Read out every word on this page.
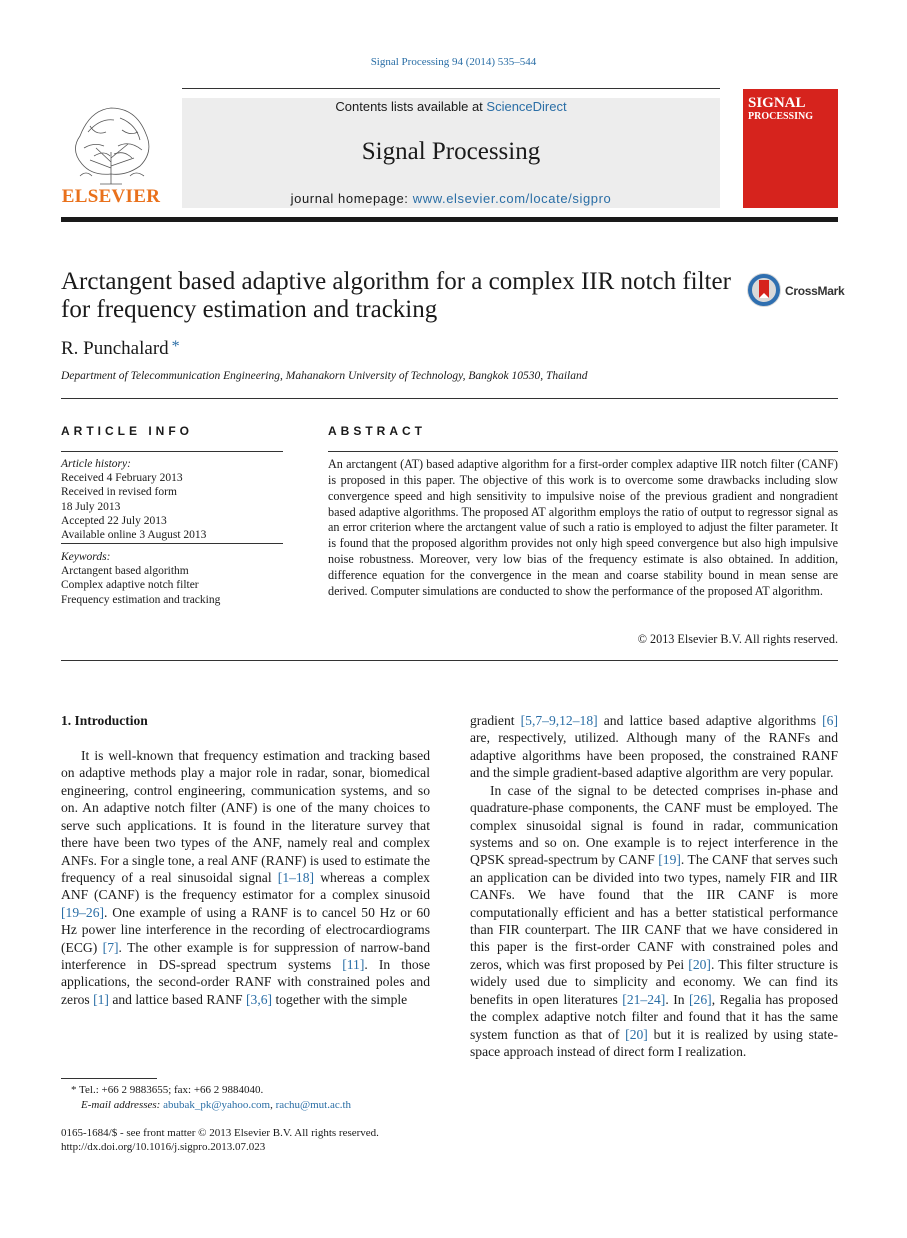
Signal Processing 94 (2014) 535–544
Contents lists available at ScienceDirect
Signal Processing
journal homepage: www.elsevier.com/locate/sigpro
ELSEVIER
SIGNAL
PROCESSING
Arctangent based adaptive algorithm for a complex IIR notch filter for frequency estimation and tracking
CrossMark
R. Punchalard *
Department of Telecommunication Engineering, Mahanakorn University of Technology, Bangkok 10530, Thailand
ARTICLE INFO
Article history:
Received 4 February 2013
Received in revised form
18 July 2013
Accepted 22 July 2013
Available online 3 August 2013
Keywords:
Arctangent based algorithm
Complex adaptive notch filter
Frequency estimation and tracking
ABSTRACT
An arctangent (AT) based adaptive algorithm for a first-order complex adaptive IIR notch filter (CANF) is proposed in this paper. The objective of this work is to overcome some drawbacks including slow convergence speed and high sensitivity to impulsive noise of the previous gradient and nongradient based adaptive algorithms. The proposed AT algorithm employs the ratio of output to regressor signal as an error criterion where the arctangent value of such a ratio is employed to adjust the filter parameter. It is found that the proposed algorithm provides not only high speed convergence but also high impulsive noise robustness. Moreover, very low bias of the frequency estimate is also obtained. In addition, difference equation for the convergence in the mean and coarse stability bound in mean sense are derived. Computer simulations are conducted to show the performance of the proposed AT algorithm.
© 2013 Elsevier B.V. All rights reserved.
1. Introduction

It is well-known that frequency estimation and tracking based on adaptive methods play a major role in radar, sonar, biomedical engineering, control engineering, communication systems, and so on. An adaptive notch filter (ANF) is one of the many choices to serve such applications. It is found in the literature survey that there have been two types of the ANF, namely real and complex ANFs. For a single tone, a real ANF (RANF) is used to estimate the frequency of a real sinusoidal signal [1–18] whereas a complex ANF (CANF) is the frequency estimator for a complex sinusoid [19–26]. One example of using a RANF is to cancel 50 Hz or 60 Hz power line interference in the recording of electrocardiograms (ECG) [7]. The other example is for suppression of narrow-band interference in DS-spread spectrum systems [11]. In those applications, the second-order RANF with constrained poles and zeros [1] and lattice based RANF [3,6] together with the simple

gradient [5,7–9,12–18] and lattice based adaptive algorithms [6] are, respectively, utilized. Although many of the RANFs and adaptive algorithms have been proposed, the constrained RANF and the simple gradient-based adaptive algorithm are very popular.

In case of the signal to be detected comprises in-phase and quadrature-phase components, the CANF must be employed. The complex sinusoidal signal is found in radar, communication systems and so on. One example is to reject interference in the QPSK spread-spectrum by CANF [19]. The CANF that serves such an application can be divided into two types, namely FIR and IIR CANFs. We have found that the IIR CANF is more computationally efficient and has a better statistical performance than FIR counterpart. The IIR CANF that we have considered in this paper is the first-order CANF with constrained poles and zeros, which was first proposed by Pei [20]. This filter structure is widely used due to simplicity and economy. We can find its benefits in open literatures [21–24]. In [26], Regalia has proposed the complex adaptive notch filter and found that it has the same system function as that of [20] but it is realized by using state-space approach instead of direct form I realization.

* Tel.: +66 2 9883655; fax: +66 2 9884040.
E-mail addresses: abubak_pk@yahoo.com, rachu@mut.ac.th
0165-1684/$ - see front matter © 2013 Elsevier B.V. All rights reserved.
http://dx.doi.org/10.1016/j.sigpro.2013.07.023
